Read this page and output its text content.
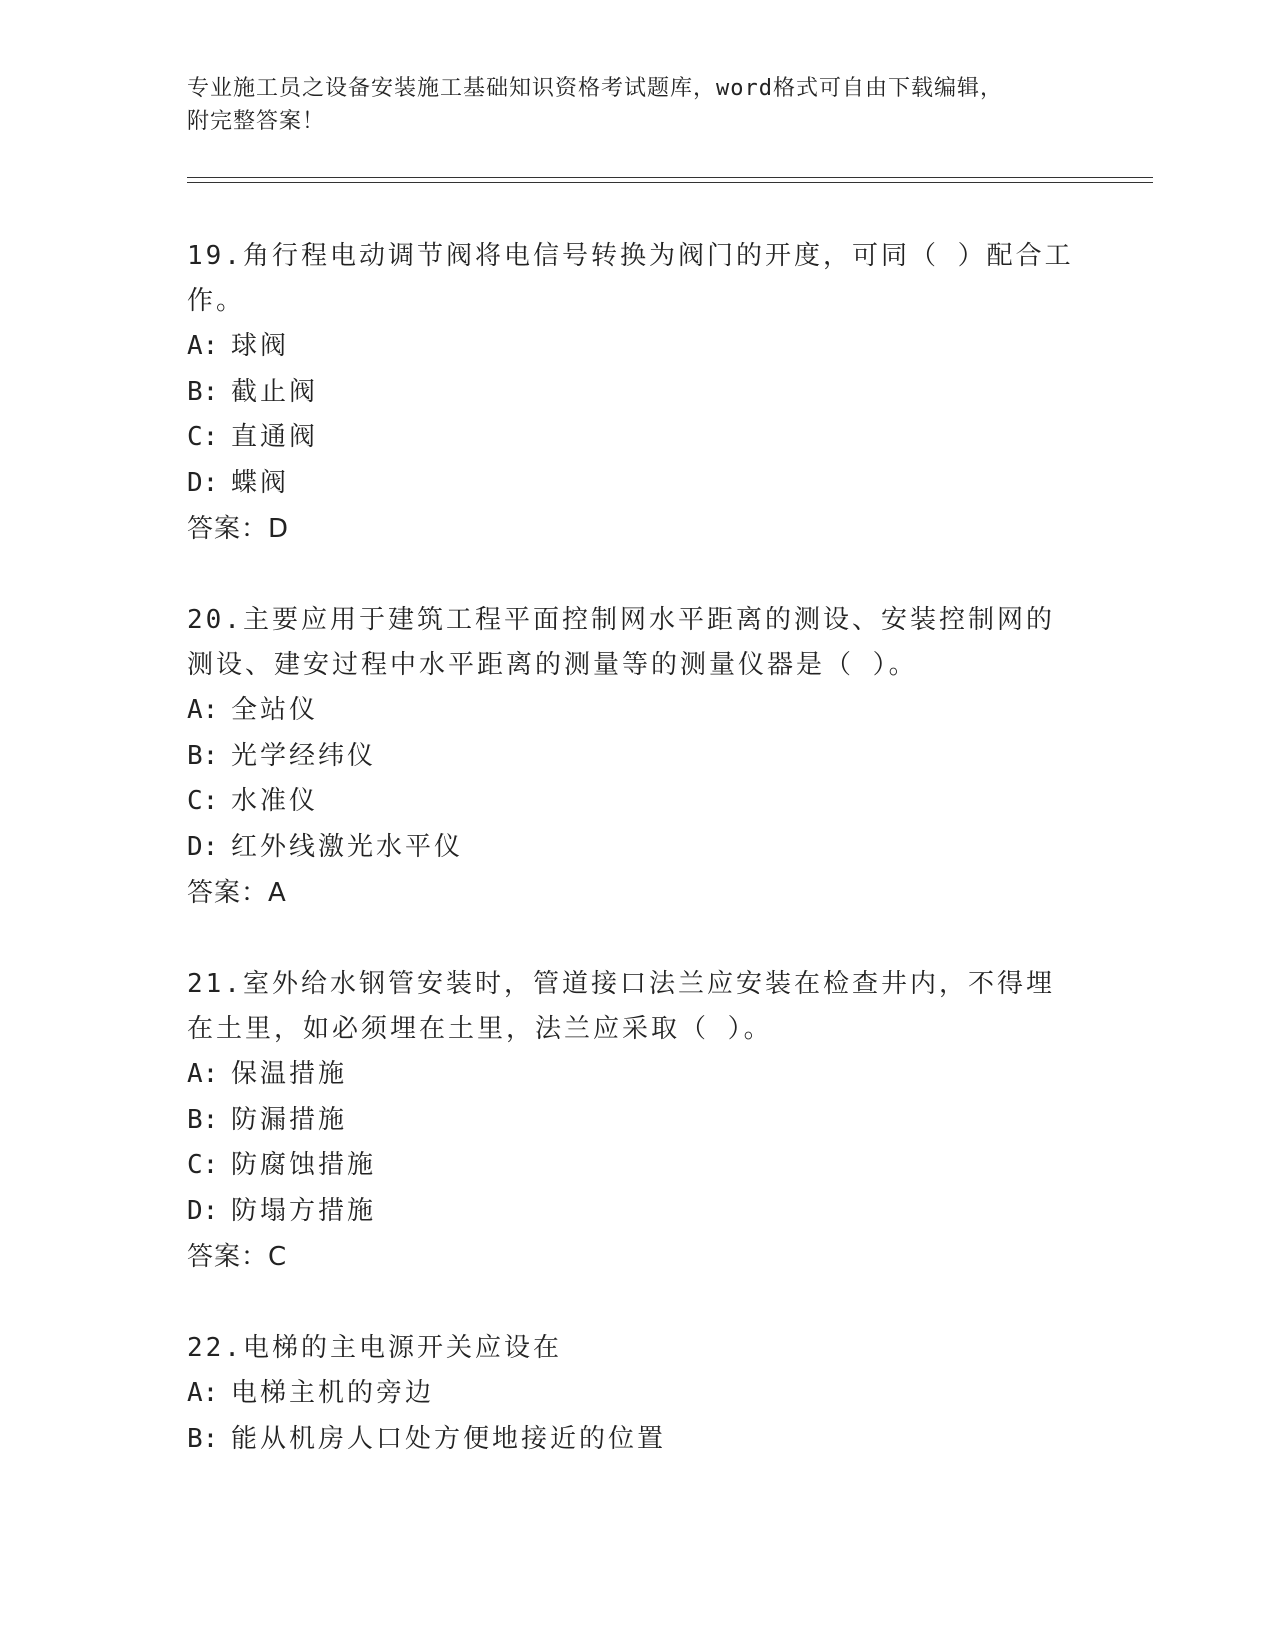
专业施工员之设备安装施工基础知识资格考试题库，word格式可自由下载编辑，
附完整答案！

19.角行程电动调节阀将电信号转换为阀门的开度，可同（ ）配合工作。

A: 球阀

B: 截止阀

C: 直通阀

D: 蝶阀

答案：D

20.主要应用于建筑工程平面控制网水平距离的测设、安装控制网的测设、建安过程中水平距离的测量等的测量仪器是（ ）。

A: 全站仪

B: 光学经纬仪

C: 水准仪

D: 红外线激光水平仪

答案：A

21.室外给水钢管安装时，管道接口法兰应安装在检查井内，不得埋在土里，如必须埋在土里，法兰应采取（ ）。

A: 保温措施

B: 防漏措施

C: 防腐蚀措施

D: 防塌方措施

答案：C

22.电梯的主电源开关应设在

A: 电梯主机的旁边

B: 能从机房人口处方便地接近的位置
